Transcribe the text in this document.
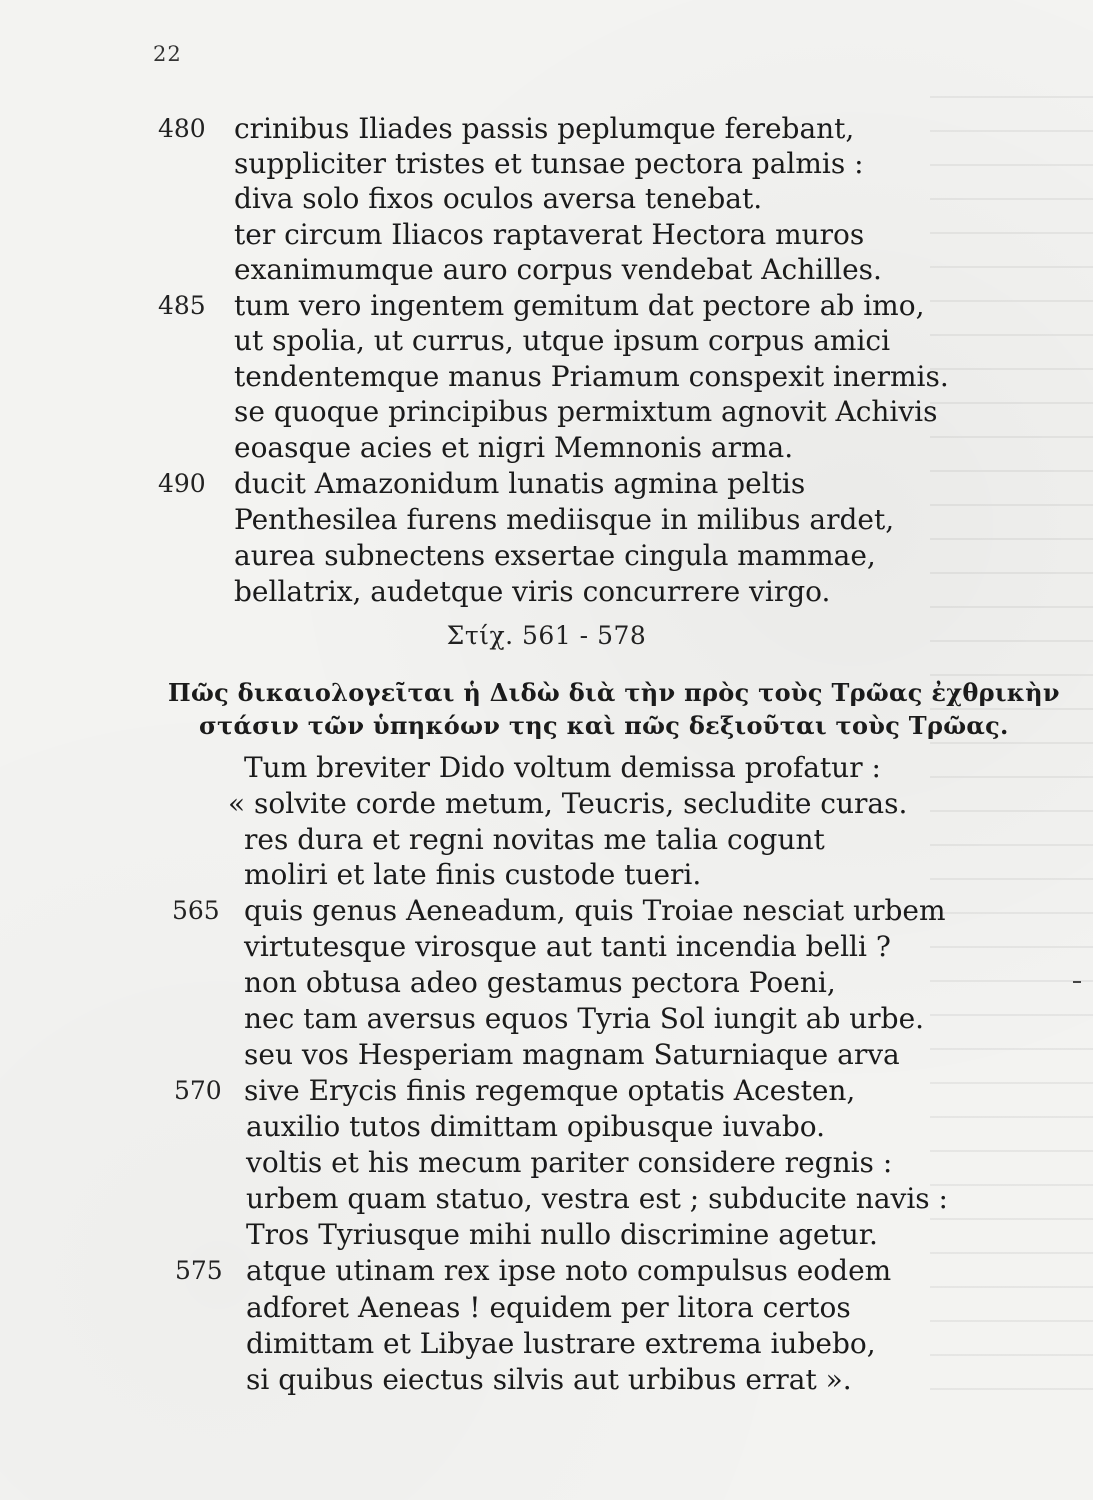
22
480	crinibus Iliades passis peplumque ferebant,
suppliciter tristes et tunsae pectora palmis :
diva solo fixos oculos aversa tenebat.
ter circum Iliacos raptaverat Hectora muros
exanimumque auro corpus vendebat Achilles.
485	tum vero ingentem gemitum dat pectore ab imo,
ut spolia, ut currus, utque ipsum corpus amici
tendentemque manus Priamum conspexit inermis.
se quoque principibus permixtum agnovit Achivis
eoasque acies et nigri Memnonis arma.
490	ducit Amazonidum lunatis agmina peltis
Penthesilea furens mediisque in milibus ardet,
aurea subnectens exsertae cingula mammae,
bellatrix, audetque viris concurrere virgo.
Στίχ. 561 - 578
Πῶς δικαιολογεῖται ἡ Διδὼ διὰ τὴν πρὸς τοὺς Τρῶας ἐχθρικὴν
στάσιν τῶν ὑπηκόων της καὶ πῶς δεξιοῦται τοὺς Τρῶας.
Tum breviter Dido voltum demissa profatur :
« solvite corde metum, Teucris, secludite curas.
res dura et regni novitas me talia cogunt
moliri et late finis custode tueri.
565 quis genus Aeneadum, quis Troiae nesciat urbem
virtutesque virosque aut tanti incendia belli ?
non obtusa adeo gestamus pectora Poeni,
nec tam aversus equos Tyria Sol iungit ab urbe.
seu vos Hesperiam magnam Saturniaque arva
570 sive Erycis finis regemque optatis Acesten,
auxilio tutos dimittam opibusque iuvabo.
voltis et his mecum pariter considere regnis :
urbem quam statuo, vestra est ; subducite navis :
Tros Tyriusque mihi nullo discrimine agetur.
575 atque utinam rex ipse noto compulsus eodem
adforet Aeneas ! equidem per litora certos
dimittam et Libyae lustrare extrema iubebo,
si quibus eiectus silvis aut urbibus errat ».
